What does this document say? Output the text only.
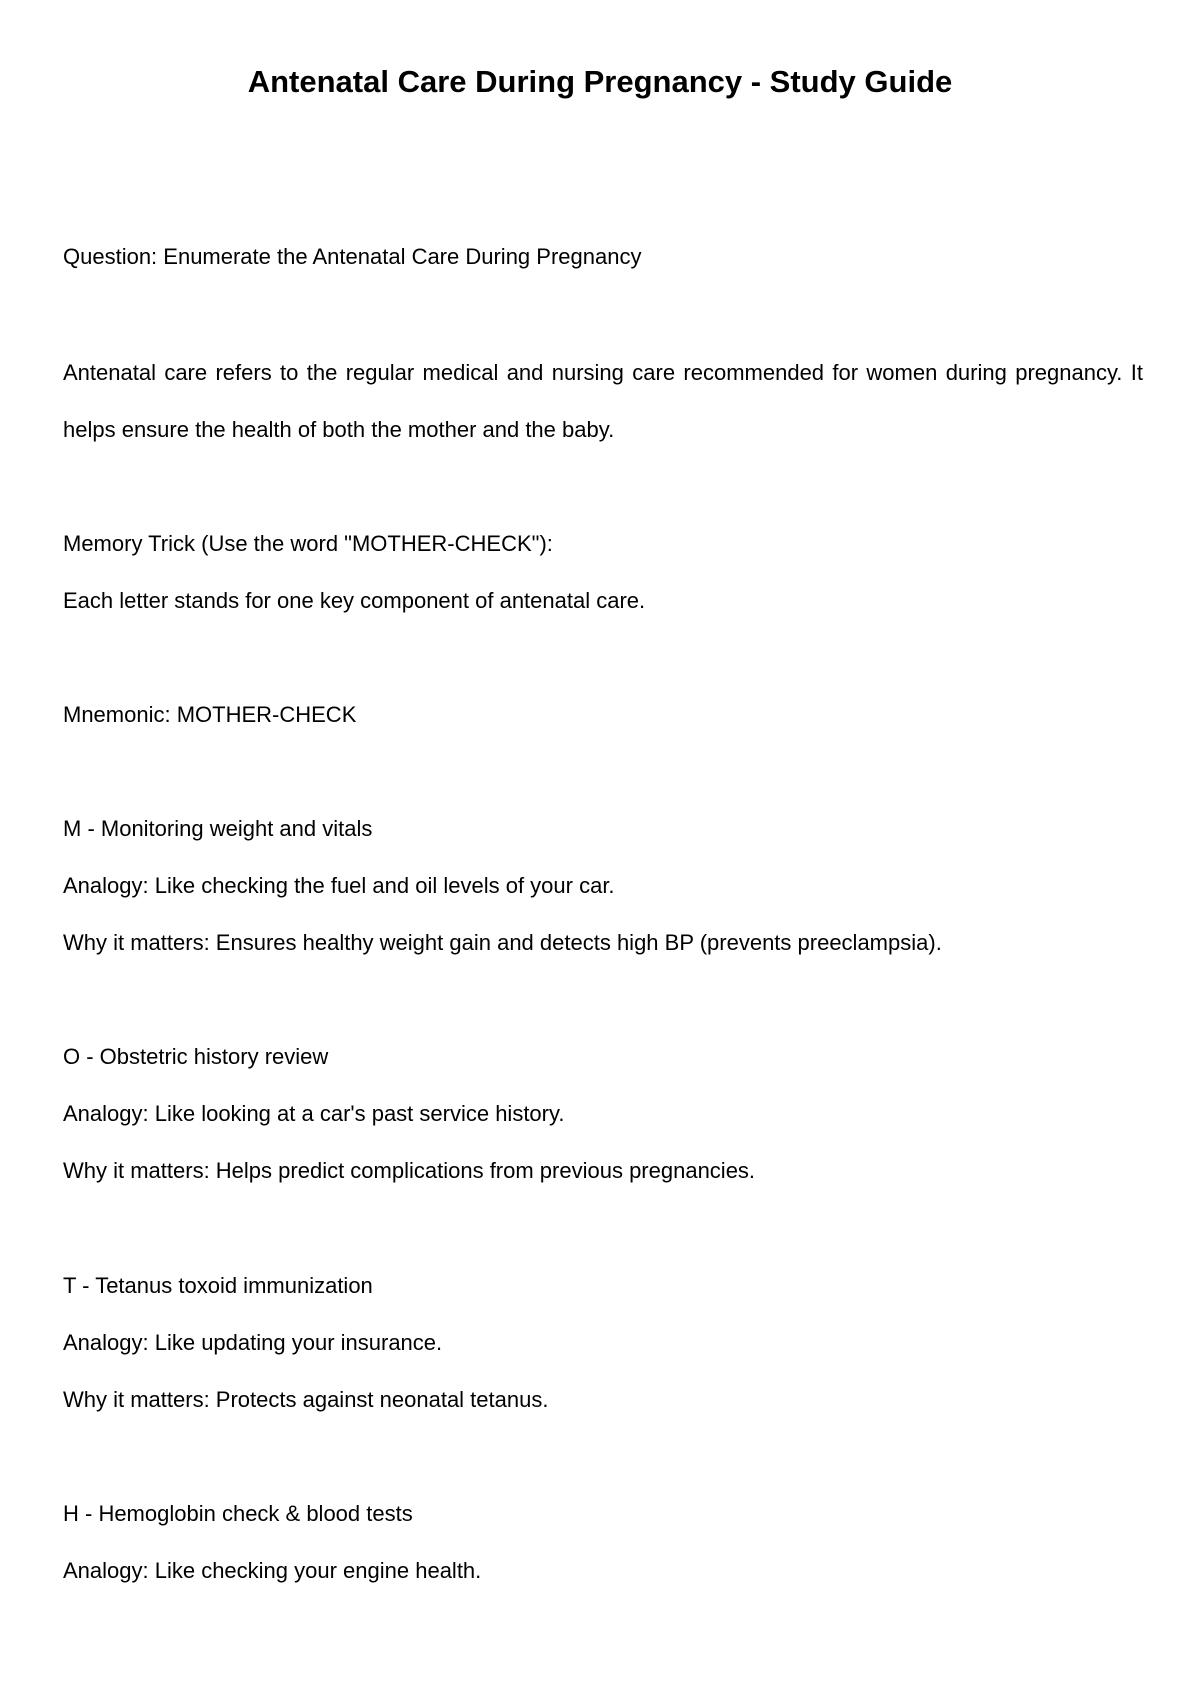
Antenatal Care During Pregnancy - Study Guide

Question: Enumerate the Antenatal Care During Pregnancy

Antenatal care refers to the regular medical and nursing care recommended for women during pregnancy. It helps ensure the health of both the mother and the baby.

Memory Trick (Use the word "MOTHER-CHECK"):

Each letter stands for one key component of antenatal care.

Mnemonic: MOTHER-CHECK

M - Monitoring weight and vitals

Analogy: Like checking the fuel and oil levels of your car.

Why it matters: Ensures healthy weight gain and detects high BP (prevents preeclampsia).

O - Obstetric history review

Analogy: Like looking at a car's past service history.

Why it matters: Helps predict complications from previous pregnancies.

T - Tetanus toxoid immunization

Analogy: Like updating your insurance.

Why it matters: Protects against neonatal tetanus.

H - Hemoglobin check & blood tests

Analogy: Like checking your engine health.
